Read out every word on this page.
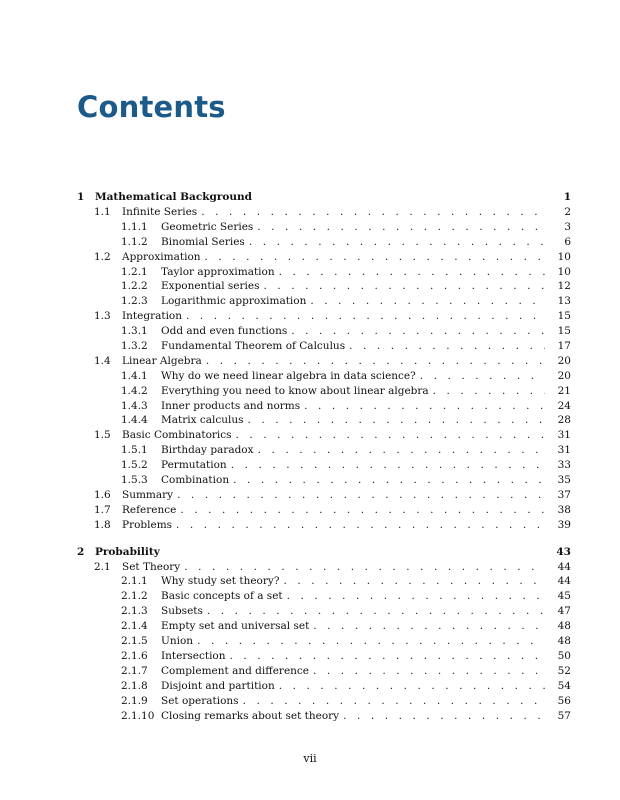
Contents
1	Mathematical Background	1
1.1	Infinite Series . . .	2
1.1.1	Geometric Series . . .	3
1.1.2	Binomial Series . . .	6
1.2	Approximation . . .	10
1.2.1	Taylor approximation . . .	10
1.2.2	Exponential series . . .	12
1.2.3	Logarithmic approximation . . .	13
1.3	Integration . . .	15
1.3.1	Odd and even functions . . .	15
1.3.2	Fundamental Theorem of Calculus . . .	17
1.4	Linear Algebra . . .	20
1.4.1	Why do we need linear algebra in data science? . . .	20
1.4.2	Everything you need to know about linear algebra . . .	21
1.4.3	Inner products and norms . . .	24
1.4.4	Matrix calculus . . .	28
1.5	Basic Combinatorics . . .	31
1.5.1	Birthday paradox . . .	31
1.5.2	Permutation . . .	33
1.5.3	Combination . . .	35
1.6	Summary . . .	37
1.7	Reference . . .	38
1.8	Problems . . .	39
2	Probability	43
2.1	Set Theory . . .	44
2.1.1	Why study set theory? . . .	44
2.1.2	Basic concepts of a set . . .	45
2.1.3	Subsets . . .	47
2.1.4	Empty set and universal set . . .	48
2.1.5	Union . . .	48
2.1.6	Intersection . . .	50
2.1.7	Complement and difference . . .	52
2.1.8	Disjoint and partition . . .	54
2.1.9	Set operations . . .	56
2.1.10 Closing remarks about set theory . . .	57
vii
